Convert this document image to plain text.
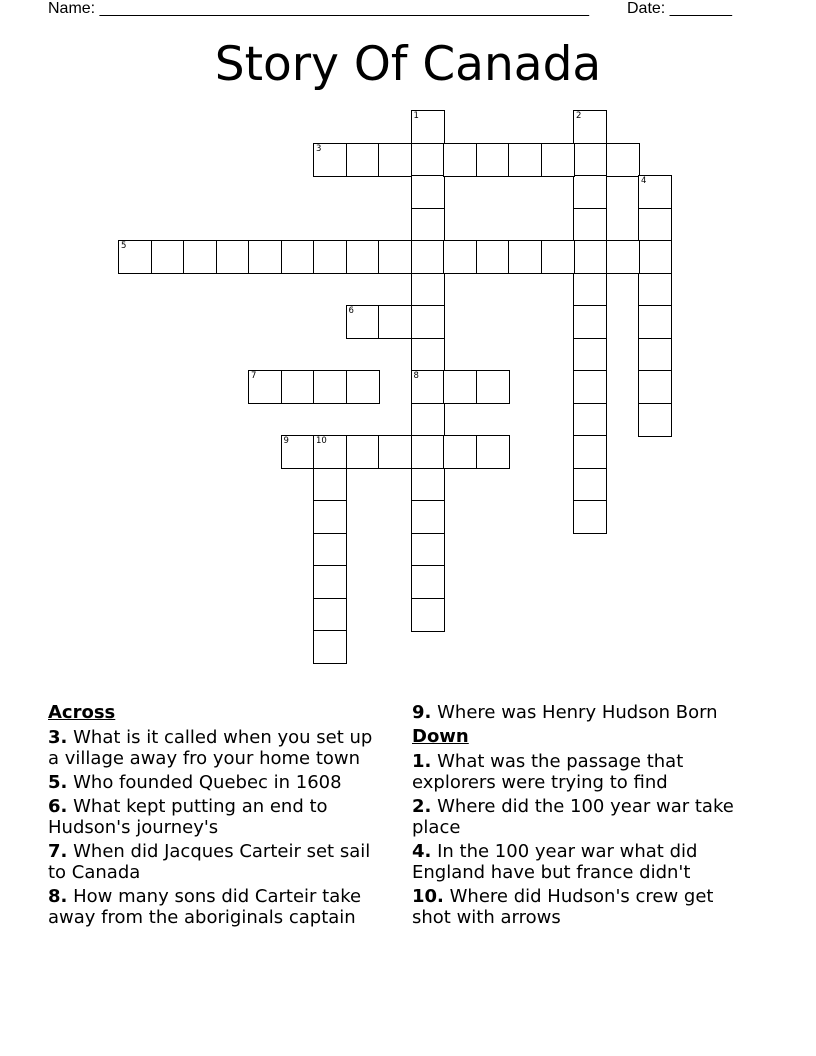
Name: _______________________________________________________ Date: _______
Story Of Canada
1
8
2
3
4
5
6
7
9	10
Across
3. What is it called when you set up a village away fro your home town
5. Who founded Quebec in 1608
6. What kept putting an end to Hudson's journey's
7. When did Jacques Carteir set sail to Canada
8. How many sons did Carteir take away from the aboriginals captain
9. Where was Henry Hudson Born
Down
1. What was the passage that explorers were trying to find
2. Where did the 100 year war take place
4. In the 100 year war what did England have but france didn't
10. Where did Hudson's crew get shot with arrows
